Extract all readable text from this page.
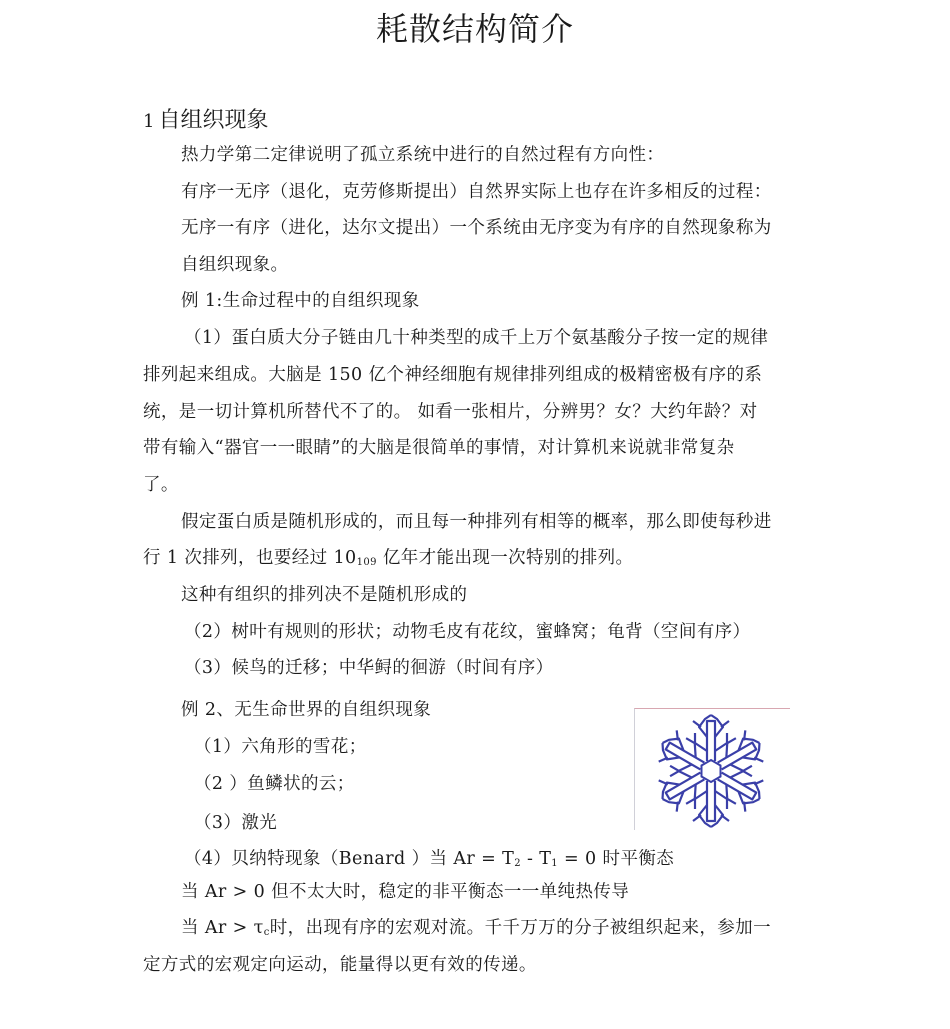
耗散结构简介
1 自组织现象
热力学第二定律说明了孤立系统中进行的自然过程有方向性：
有序一无序（退化，克劳修斯提出）自然界实际上也存在许多相反的过程：
无序一有序（进化，达尔文提出）一个系统由无序变为有序的自然现象称为
自组织现象。
例 1:生命过程中的自组织现象
（1）蛋白质大分子链由几十种类型的成千上万个氨基酸分子按一定的规律
排列起来组成。大脑是 150 亿个神经细胞有规律排列组成的极精密极有序的系
统，是一切计算机所替代不了的。 如看一张相片，分辨男？女？大约年龄？对
带有输入“器官一一眼睛”的大脑是很简单的事情，对计算机来说就非常复杂
了。
假定蛋白质是随机形成的，而且每一种排列有相等的概率，那么即使每秒进
行 1 次排列，也要经过 $10_{109}$ 亿年才能出现一次特别的排列。
这种有组织的排列决不是随机形成的
（2）树叶有规则的形状；动物毛皮有花纹，蜜蜂窝；龟背（空间有序）
（3）候鸟的迁移；中华鲟的徊游（时间有序）
例 2、无生命世界的自组织现象
（1）六角形的雪花；
（2 ）鱼鳞状的云；
（3）激光
（4）贝纳特现象（Benard ）当 $Ar = T_2 - T_1 = 0$ 时平衡态
当 Ar > 0 但不太大时，稳定的非平衡态一一单纯热传导
当 $Ar > \tau_c$时，出现有序的宏观对流。千千万万的分子被组织起来，参加一
定方式的宏观定向运动，能量得以更有效的传递。
